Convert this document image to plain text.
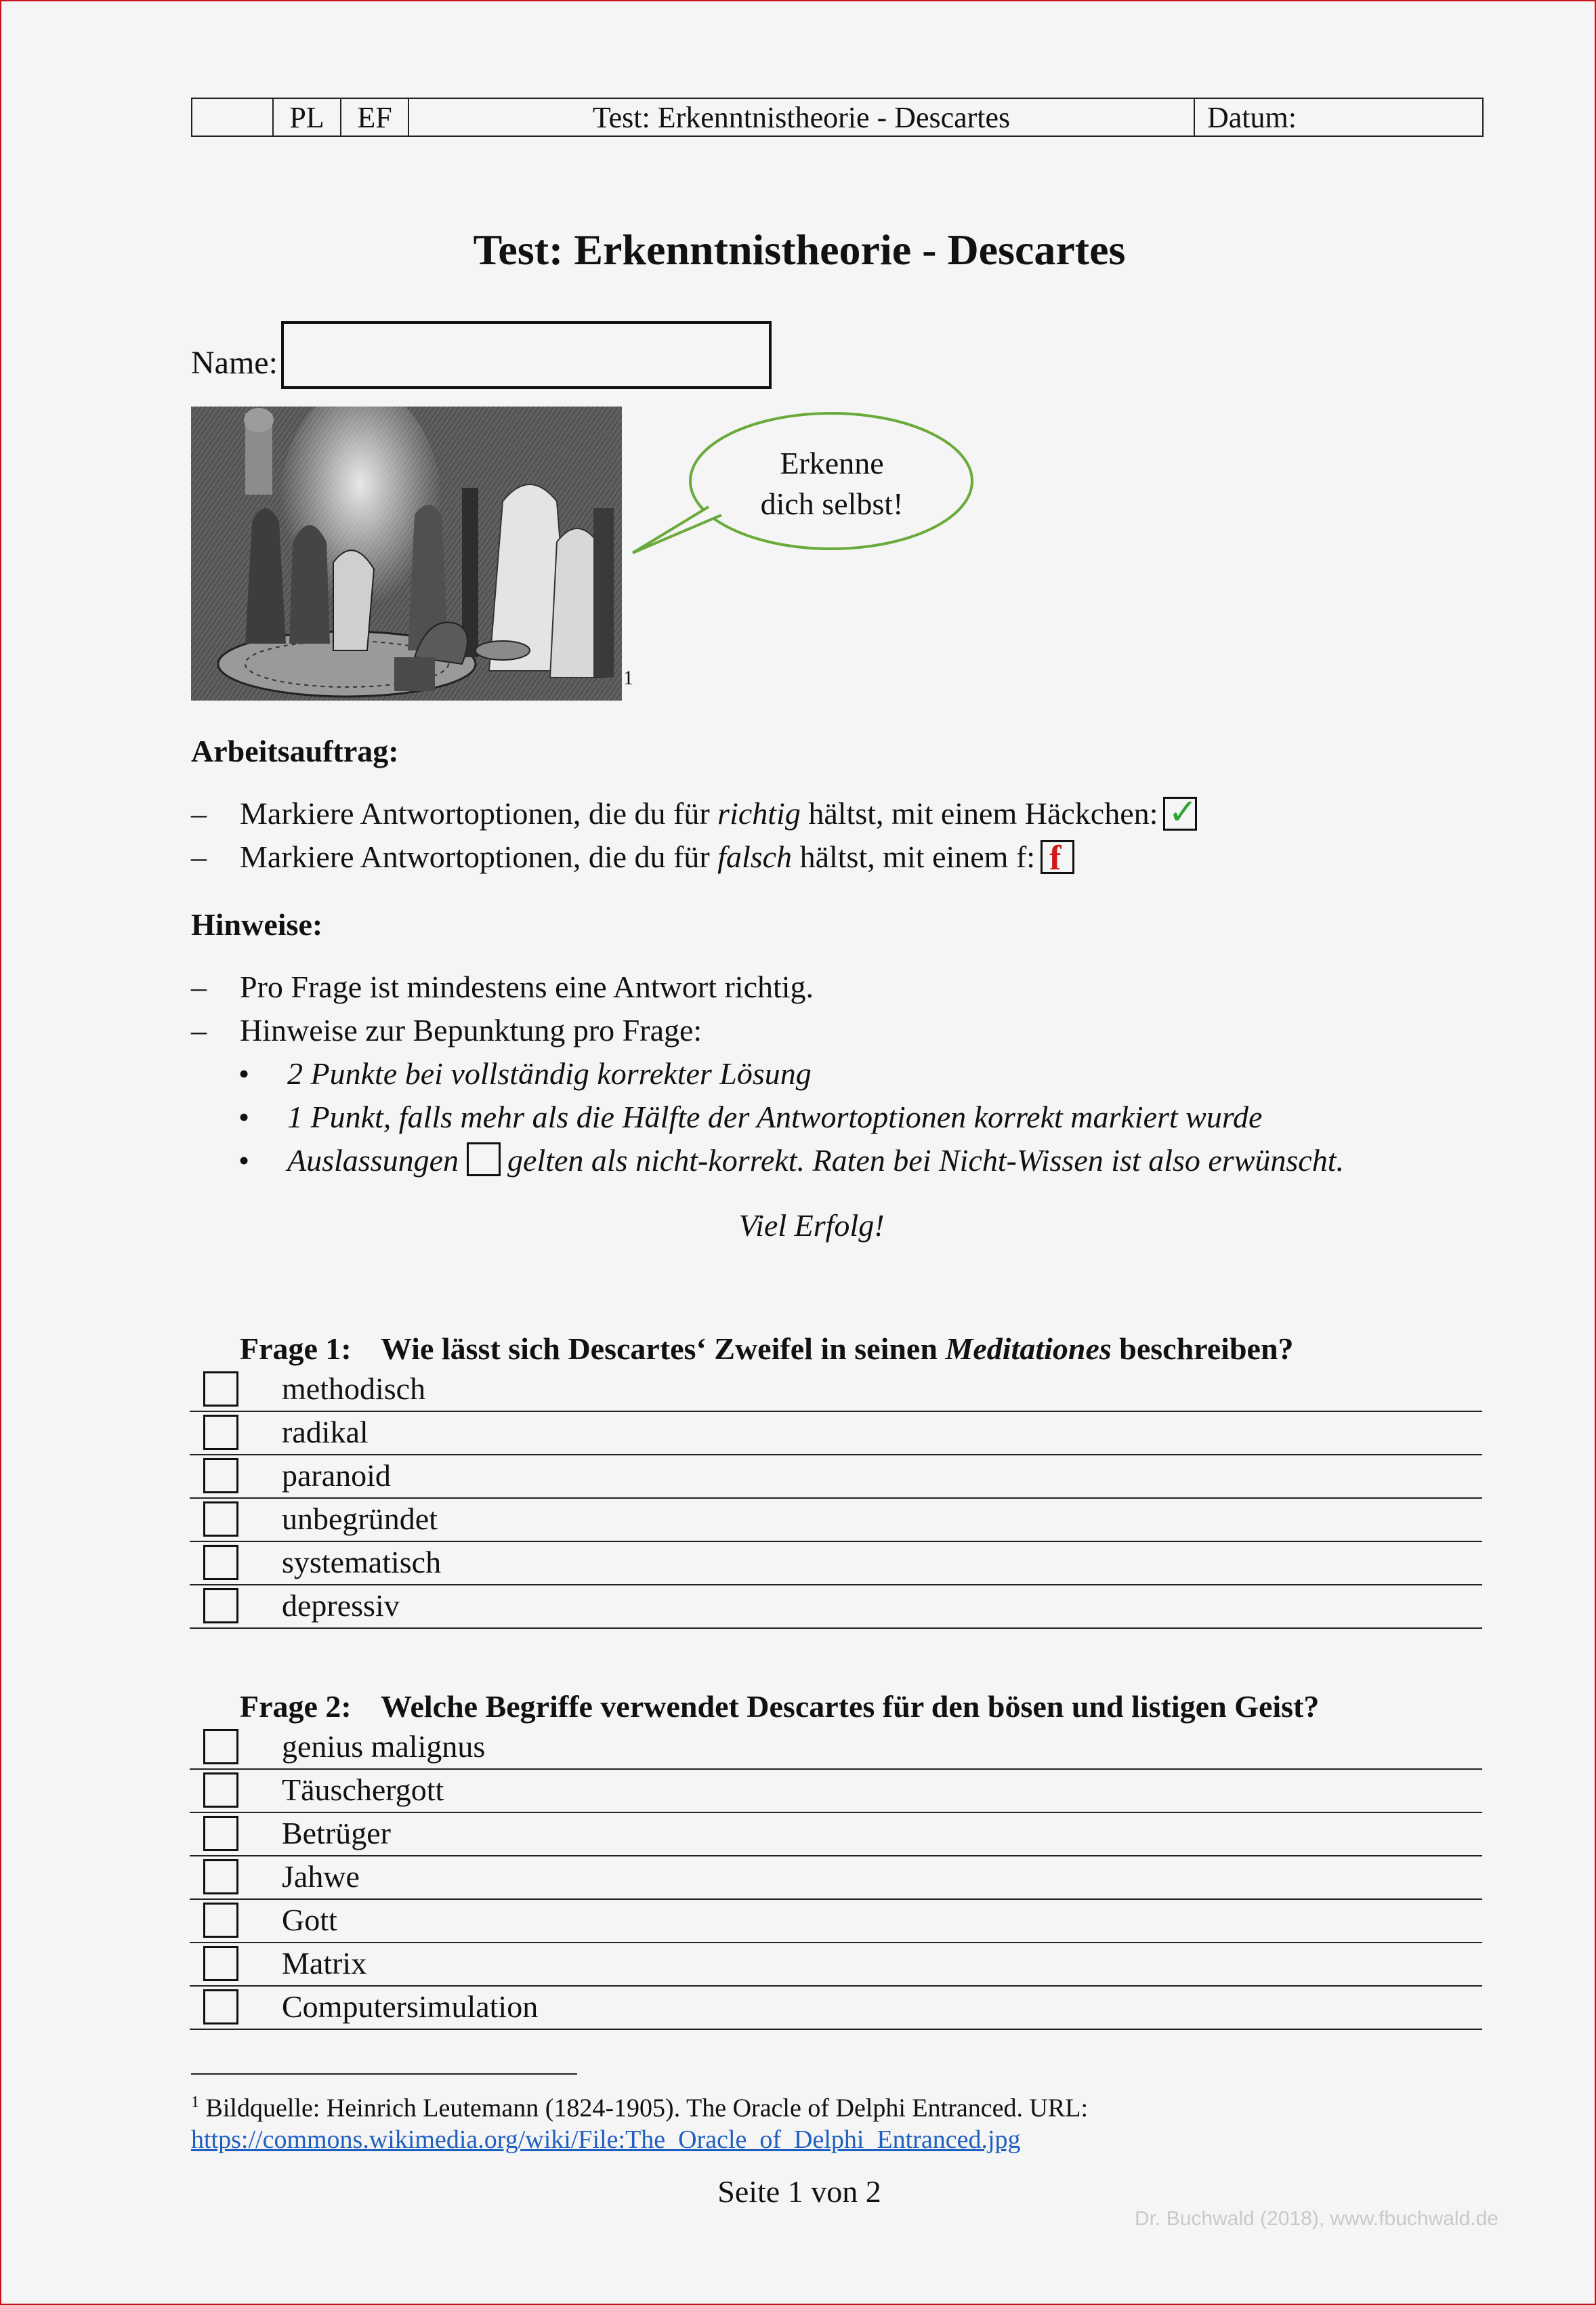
	PL	EF	Test: Erkenntnistheorie - Descartes	Datum:
Test: Erkenntnistheorie - Descartes
Name:
1
Erkenne
dich selbst!
Arbeitsauftrag:
– Markiere Antwortoptionen, die du für richtig hältst, mit einem Häckchen: ✓
– Markiere Antwortoptionen, die du für falsch hältst, mit einem f: f
Hinweise:
– Pro Frage ist mindestens eine Antwort richtig.
– Hinweise zur Bepunktung pro Frage:
• 2 Punkte bei vollständig korrekter Lösung
• 1 Punkt, falls mehr als die Hälfte der Antwortoptionen korrekt markiert wurde
• Auslassungen gelten als nicht-korrekt. Raten bei Nicht-Wissen ist also erwünscht.
Viel Erfolg!
Frage 1: Wie lässt sich Descartes‘ Zweifel in seinen Meditationes beschreiben?
methodisch
radikal
paranoid
unbegründet
systematisch
depressiv
Frage 2: Welche Begriffe verwendet Descartes für den bösen und listigen Geist?
genius malignus
Täuschergott
Betrüger
Jahwe
Gott
Matrix
Computersimulation
$^1$ Bildquelle: Heinrich Leutemann (1824-1905). The Oracle of Delphi Entranced. URL:
https://commons.wikimedia.org/wiki/File:The_Oracle_of_Delphi_Entranced.jpg
Seite 1 von 2
Dr. Buchwald (2018), www.fbuchwald.de
